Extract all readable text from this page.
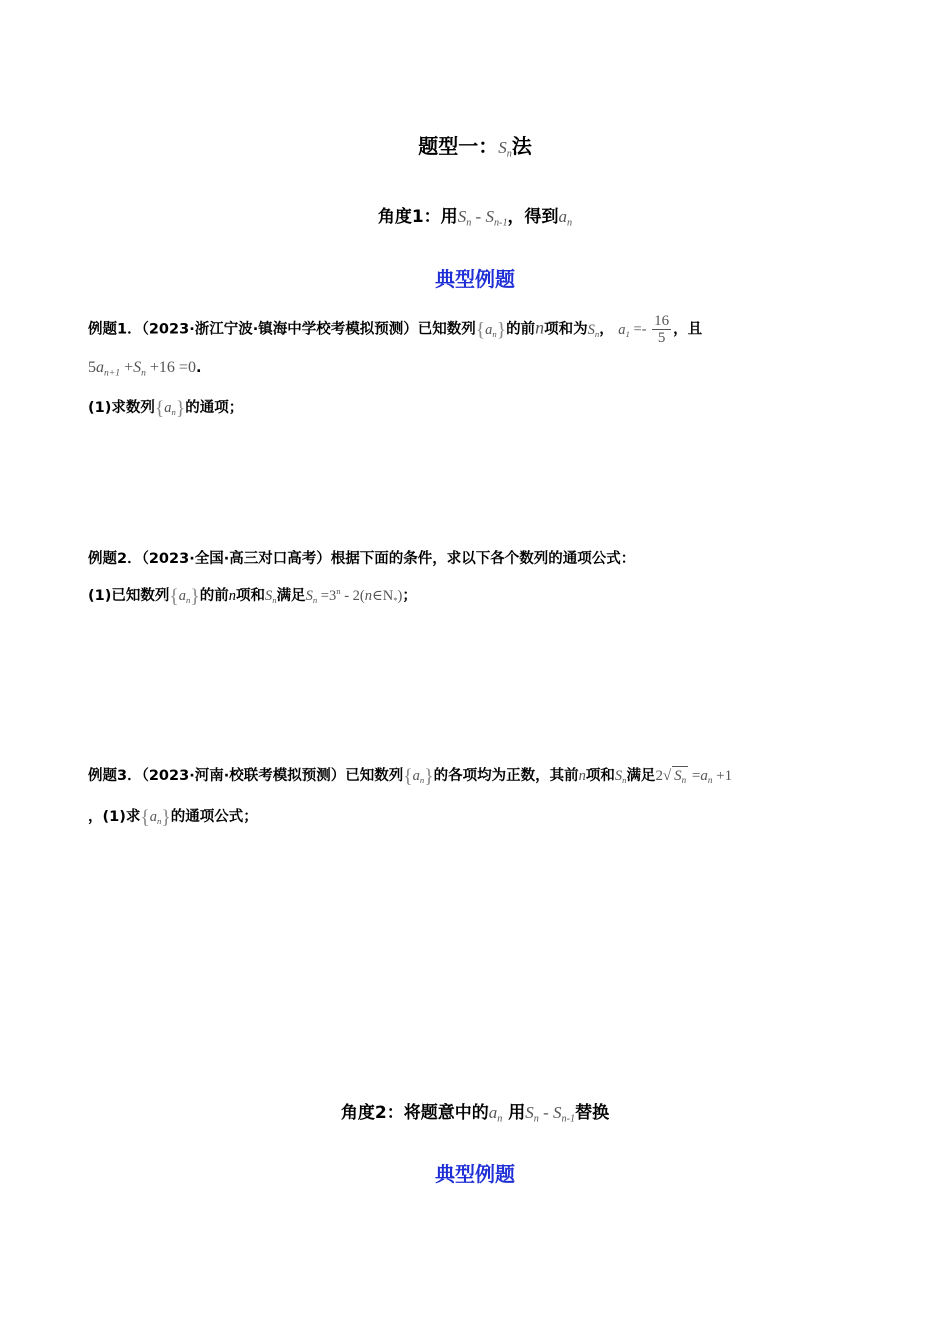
题型一：$S_n$法
角度1：用$S_n - S_{n-1}$，得到$a_n$
典型例题
例题1．（2023·浙江宁波·镇海中学校考模拟预测）已知数列$\{a_n\}$的前n项和为$S_n$， $a_1 =- \frac{16}{5}$ ，且
$5a_{n+1} +S_n +16 =0$.
(1)求数列$\{a_n\}$的通项；
例题2．（2023·全国·高三对口高考）根据下面的条件，求以下各个数列的通项公式：
(1)已知数列$\{a_n\}$的前n项和$S_n$满足$S_n =3^n$ - $2(n\in N_*)$；
例题3．（2023·河南·校联考模拟预测）已知数列$\{a_n\}$的各项均为正数，其前n项和$S_n$满足2√ $S_n =a_n +1$
，(1)求$\{a_n\}$的通项公式；
角度2：将题意中的$a_n$ 用$S_n - S_{n-1}$替换
典型例题
